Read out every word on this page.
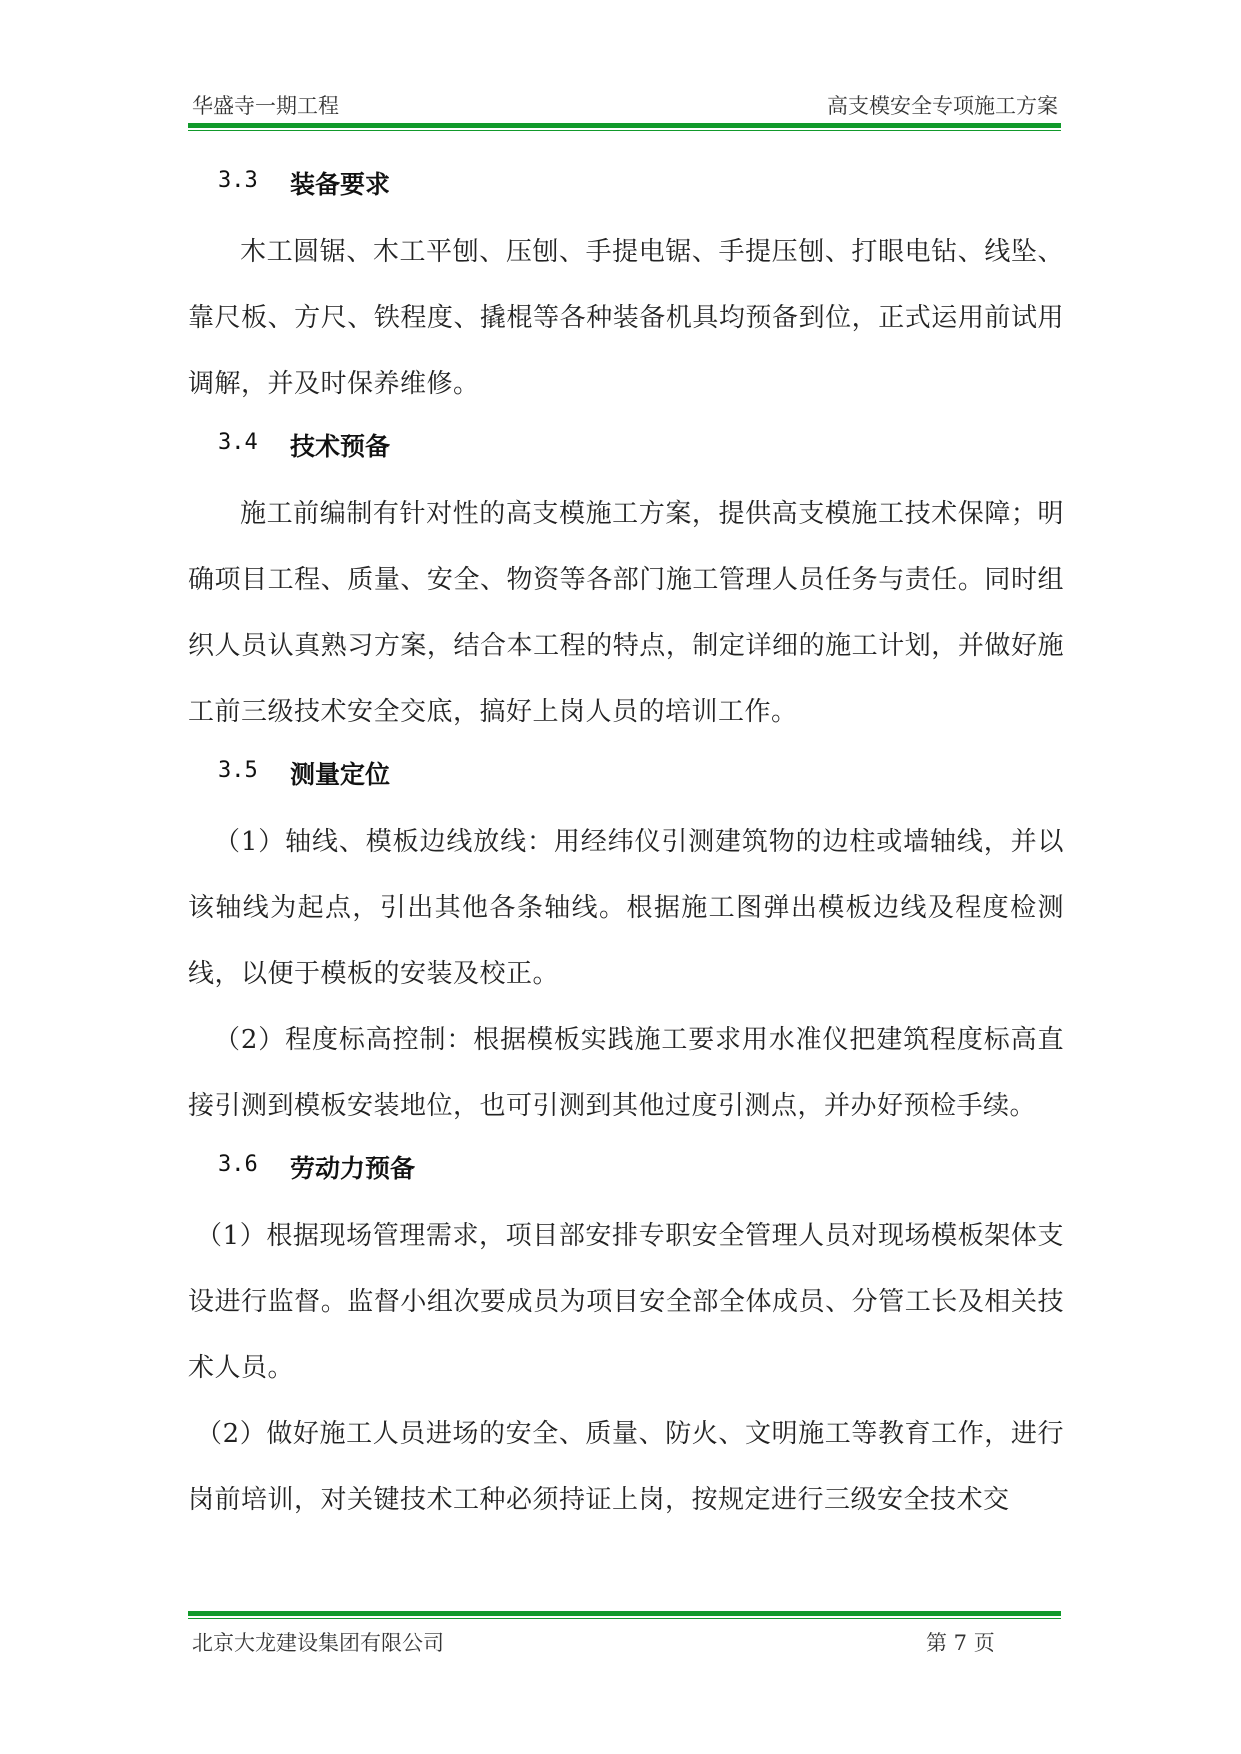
华盛寺一期工程	高支模安全专项施工方案
3.3 装备要求

木工圆锯、木工平刨、压刨、手提电锯、手提压刨、打眼电钻、线坠、靠尺板、方尺、铁程度、撬棍等各种装备机具均预备到位，正式运用前试用调解，并及时保养维修。

3.4 技术预备

施工前编制有针对性的高支模施工方案，提供高支模施工技术保障；明确项目工程、质量、安全、物资等各部门施工管理人员任务与责任。同时组织人员认真熟习方案，结合本工程的特点，制定详细的施工计划，并做好施工前三级技术安全交底，搞好上岗人员的培训工作。

3.5 测量定位

（1）轴线、模板边线放线：用经纬仪引测建筑物的边柱或墙轴线，并以该轴线为起点，引出其他各条轴线。根据施工图弹出模板边线及程度检测线，以便于模板的安装及校正。

（2）程度标高控制：根据模板实践施工要求用水准仪把建筑程度标高直接引测到模板安装地位，也可引测到其他过度引测点，并办好预检手续。

3.6 劳动力预备

（1）根据现场管理需求，项目部安排专职安全管理人员对现场模板架体支设进行监督。监督小组次要成员为项目安全部全体成员、分管工长及相关技术人员。

（2）做好施工人员进场的安全、质量、防火、文明施工等教育工作，进行岗前培训，对关键技术工种必须持证上岗，按规定进行三级安全技术交

北京大龙建设集团有限公司	第 7 页
